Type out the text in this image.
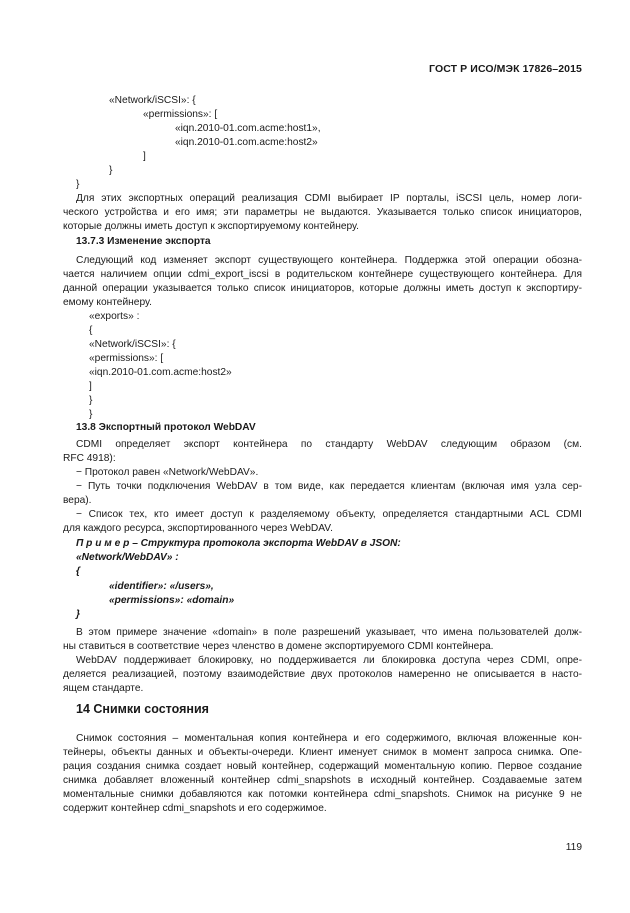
ГОСТ Р ИСО/МЭК 17826–2015
«Network/iSCSI»: {
«permissions»: [
«iqn.2010-01.com.acme:host1»,
«iqn.2010-01.com.acme:host2»
]
}
}
Для этих экспортных операций реализация CDMI выбирает IP порталы, iSCSI цель, номер логи-
ческого устройства и его имя; эти параметры не выдаются. Указывается только список инициаторов,
которые должны иметь доступ к экспортируемому контейнеру.
13.7.3 Изменение экспорта
Следующий код изменяет экспорт существующего контейнера. Поддержка этой операции обозна-
чается наличием опции cdmi_export_iscsi в родительском контейнере существующего контейнера. Для
данной операции указывается только список инициаторов, которые должны иметь доступ к экспортиру-
емому контейнеру.
«exports» :
{
«Network/iSCSI»: {
«permissions»: [
«iqn.2010-01.com.acme:host2»
]
}
}
13.8 Экспортный протокол WebDAV
CDMI определяет экспорт контейнера по стандарту WebDAV следующим образом (см.
RFC 4918):
− Протокол равен «Network/WebDAV».
− Путь точки подключения WebDAV в том виде, как передается клиентам (включая имя узла сер-
вера).
− Список тех, кто имеет доступ к разделяемому объекту, определяется стандартными ACL CDMI
для каждого ресурса, экспортированного через WebDAV.
П р и м е р – Структура протокола экспорта WebDAV в JSON:
«Network/WebDAV» :
{
«identifier»: «/users»,
«permissions»: «domain»
}
В этом примере значение «domain» в поле разрешений указывает, что имена пользователей долж-
ны ставиться в соответствие через членство в домене экспортируемого CDMI контейнера.
WebDAV поддерживает блокировку, но поддерживается ли блокировка доступа через CDMI, опре-
деляется реализацией, поэтому взаимодействие двух протоколов намеренно не описывается в насто-
ящем стандарте.
14 Снимки состояния
Снимок состояния – моментальная копия контейнера и его содержимого, включая вложенные кон-
тейнеры, объекты данных и объекты-очереди. Клиент именует снимок в момент запроса снимка. Опе-
рация создания снимка создает новый контейнер, содержащий моментальную копию. Первое создание
снимка добавляет вложенный контейнер cdmi_snapshots в исходный контейнер. Создаваемые затем
моментальные снимки добавляются как потомки контейнера cdmi_snapshots. Снимок на рисунке 9 не
содержит контейнер cdmi_snapshots и его содержимое.
119
